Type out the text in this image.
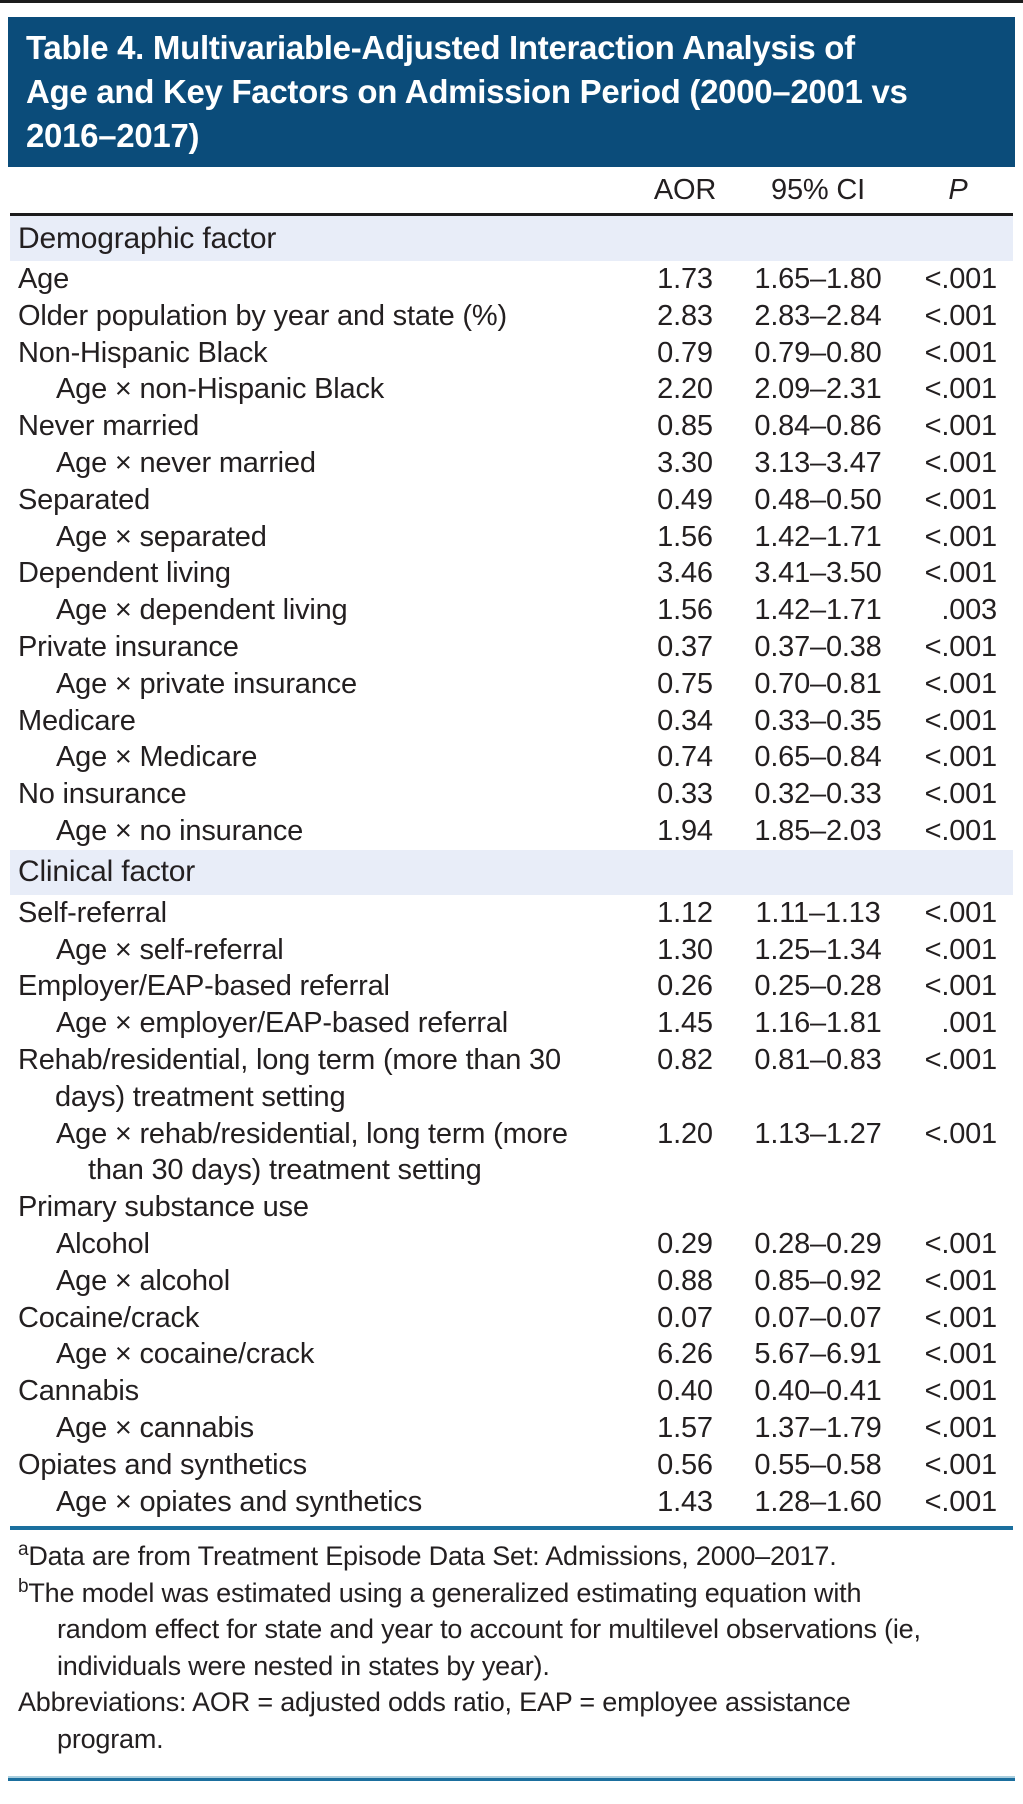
Table 4. Multivariable-Adjusted Interaction Analysis of
Age and Key Factors on Admission Period (2000–2001 vs
2016–2017)
AOR	95% CI	P
Demographic factor
Age	1.73	1.65–1.80	<.001
Older population by year and state (%)	2.83	2.83–2.84	<.001
Non-Hispanic Black	0.79	0.79–0.80	<.001
Age × non-Hispanic Black	2.20	2.09–2.31	<.001
Never married	0.85	0.84–0.86	<.001
Age × never married	3.30	3.13–3.47	<.001
Separated	0.49	0.48–0.50	<.001
Age × separated	1.56	1.42–1.71	<.001
Dependent living	3.46	3.41–3.50	<.001
Age × dependent living	1.56	1.42–1.71	.003
Private insurance	0.37	0.37–0.38	<.001
Age × private insurance	0.75	0.70–0.81	<.001
Medicare	0.34	0.33–0.35	<.001
Age × Medicare	0.74	0.65–0.84	<.001
No insurance	0.33	0.32–0.33	<.001
Age × no insurance	1.94	1.85–2.03	<.001
Clinical factor
Self-referral	1.12	1.11–1.13	<.001
Age × self-referral	1.30	1.25–1.34	<.001
Employer/EAP-based referral	0.26	0.25–0.28	<.001
Age × employer/EAP-based referral	1.45	1.16–1.81	.001
Rehab/residential, long term (more than 30
days) treatment setting
0.82	0.81–0.83	<.001
Age × rehab/residential, long term (more
than 30 days) treatment setting
1.20	1.13–1.27	<.001
Primary substance use
Alcohol	0.29	0.28–0.29	<.001
Age × alcohol	0.88	0.85–0.92	<.001
Cocaine/crack	0.07	0.07–0.07	<.001
Age × cocaine/crack	6.26	5.67–6.91	<.001
Cannabis	0.40	0.40–0.41	<.001
Age × cannabis	1.57	1.37–1.79	<.001
Opiates and synthetics	0.56	0.55–0.58	<.001
Age × opiates and synthetics	1.43	1.28–1.60	<.001
$^a$Data are from Treatment Episode Data Set: Admissions, 2000–2017.
$^b$The model was estimated using a generalized estimating equation with
random effect for state and year to account for multilevel observations (ie,
individuals were nested in states by year).
Abbreviations: AOR = adjusted odds ratio, EAP = employee assistance
program.
